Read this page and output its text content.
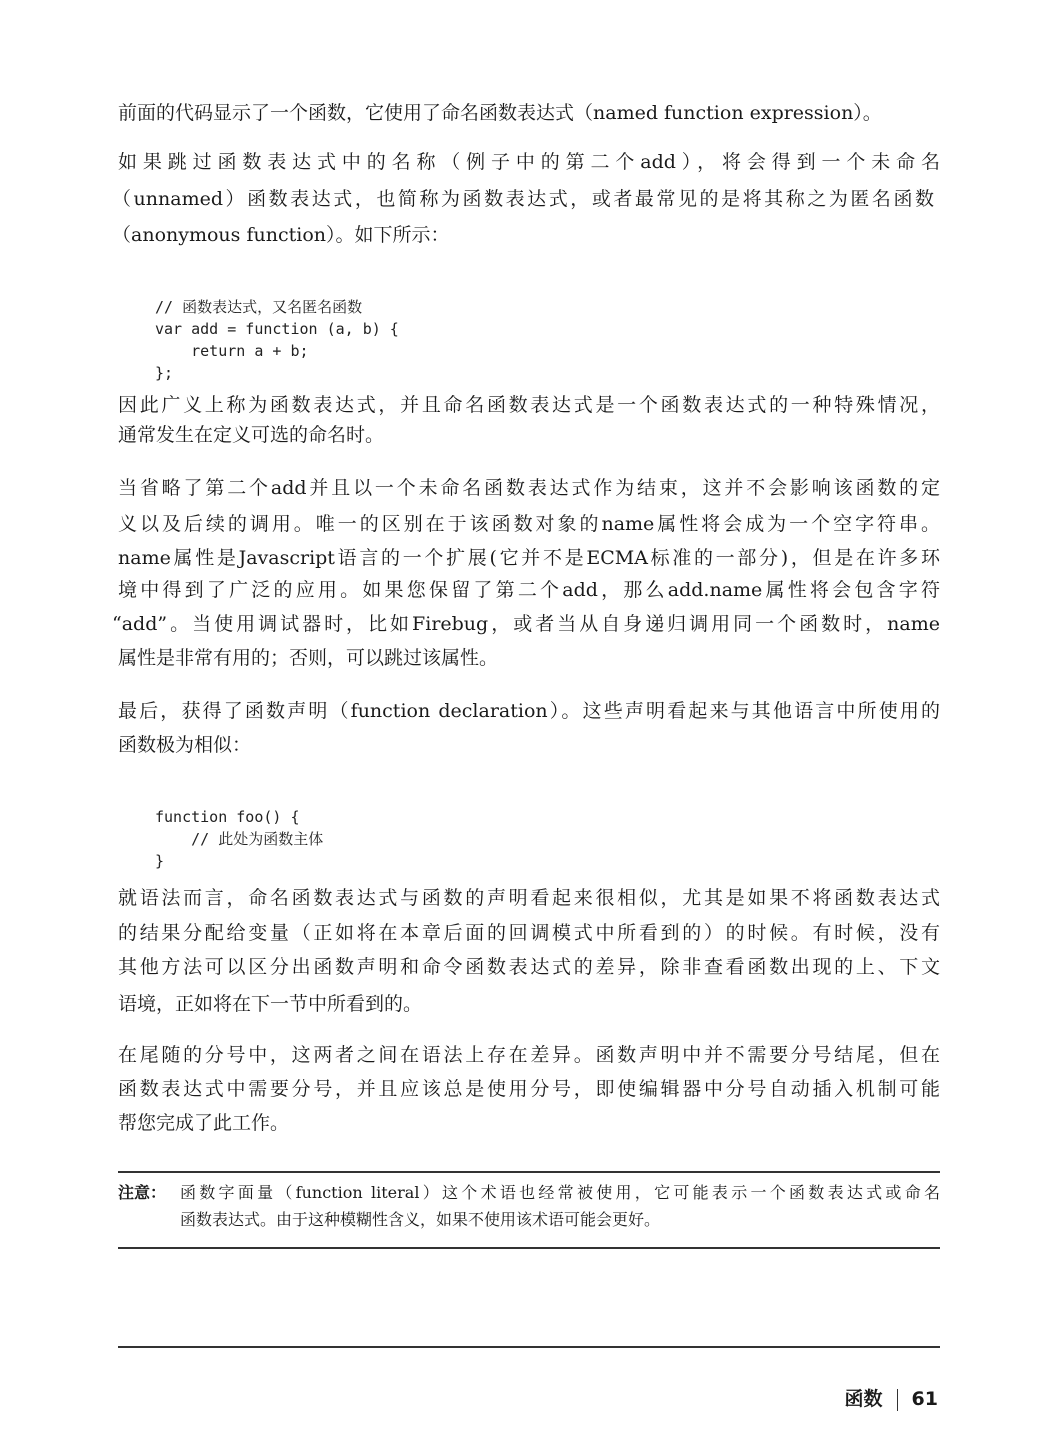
前面的代码显示了一个函数，它使用了命名函数表达式（named function expression）。
如果跳过函数表达式中的名称（例子中的第二个add），将会得到一个未命名
（unnamed）函数表达式，也简称为函数表达式，或者最常见的是将其称之为匿名函数
（anonymous function）。如下所示：

// 函数表达式，又名匿名函数
var add = function (a, b) {
return a + b;
};
因此广义上称为函数表达式，并且命名函数表达式是一个函数表达式的一种特殊情况，
通常发生在定义可选的命名时。
当省略了第二个add并且以一个未命名函数表达式作为结束，这并不会影响该函数的定
义以及后续的调用。唯一的区别在于该函数对象的name属性将会成为一个空字符串。
name属性是Javascript语言的一个扩展(它并不是ECMA标准的一部分)，但是在许多环
境中得到了广泛的应用。如果您保留了第二个add，那么add.name属性将会包含字符
“add”。当使用调试器时，比如Firebug，或者当从自身递归调用同一个函数时，name
属性是非常有用的；否则，可以跳过该属性。
最后，获得了函数声明（function declaration）。这些声明看起来与其他语言中所使用的
函数极为相似：

function foo() {
// 此处为函数主体
}
就语法而言，命名函数表达式与函数的声明看起来很相似，尤其是如果不将函数表达式
的结果分配给变量（正如将在本章后面的回调模式中所看到的）的时候。有时候，没有
其他方法可以区分出函数声明和命令函数表达式的差异，除非查看函数出现的上、下文
语境，正如将在下一节中所看到的。
在尾随的分号中，这两者之间在语法上存在差异。函数声明中并不需要分号结尾，但在
函数表达式中需要分号，并且应该总是使用分号，即使编辑器中分号自动插入机制可能
帮您完成了此工作。
注意： 函数字面量（function literal）这个术语也经常被使用，它可能表示一个函数表达式或命名
函数表达式。由于这种模糊性含义，如果不使用该术语可能会更好。
函数 61
